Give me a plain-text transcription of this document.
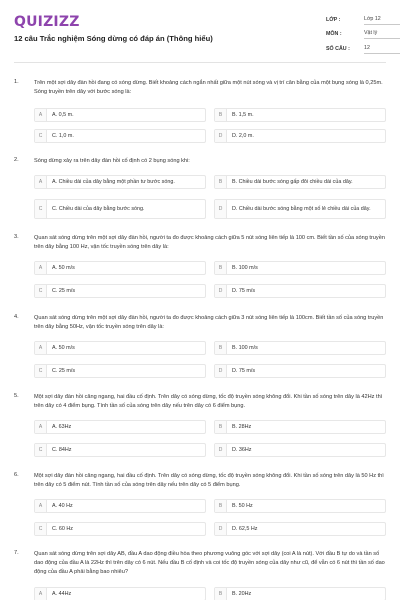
QUIZIZZ
12 câu Trắc nghiệm Sóng dừng có đáp án (Thông hiểu)
LỚP :	Lớp 12
MÔN :	Vật lý
SỐ CÂU :	12
1.	Trên một sợi dây đàn hồi đang có sóng dừng. Biết khoảng cách ngắn nhất giữa một nút sóng và vị trí cân bằng của một bụng sóng là 0,25m. Sóng truyền trên dây với bước sóng là:
A	A. 0,5 m.	B	B. 1,5 m.
C	C. 1,0 m.	D	D. 2,0 m.
2.	Sóng dừng xảy ra trên dây đàn hồi cố định có 2 bụng sóng khi:
A	A. Chiều dài của dây bằng một phần tư bước sóng.	B	B. Chiều dài bước sóng gấp đôi chiều dài của dây.
C	C. Chiều dài của dây bằng bước sóng.	D	D. Chiều dài bước sóng bằng một số lẻ chiều dài của dây.
3.	Quan sát sóng dừng trên một sợi dây đàn hồi, người ta đo được khoảng cách giữa 5 nút sóng liên tiếp là 100 cm. Biết tần số của sóng truyền trên dây bằng 100 Hz, vận tốc truyền sóng trên dây là:
A	A. 50 m/s	B	B. 100 m/s
C	C. 25 m/s	D	D. 75 m/s
4.	Quan sát sóng dừng trên một sợi dây đàn hồi, người ta đo được khoảng cách giữa 3 nút sóng liên tiếp là 100cm. Biết tần số của sóng truyền trên dây bằng 50Hz, vận tốc truyền sóng trên dây là:
A	A. 50 m/s	B	B. 100 m/s
C	C. 25 m/s	D	D. 75 m/s
5.	Một sợi dây đàn hồi căng ngang, hai đầu cố định. Trên dây có sóng dừng, tốc độ truyền sóng không đổi. Khi tần số sóng trên dây là 42Hz thì trên dây có 4 điểm bụng. Tính tần số của sóng trên dây nếu trên dây có 6 điểm bụng.
A	A. 63Hz	B	B. 28Hz
C	C. 84Hz	D	D. 36Hz
6.	Một sợi dây đàn hồi căng ngang, hai đầu cố định. Trên dây có sóng dừng, tốc độ truyền sóng không đổi. Khi tần số sóng trên dây là 50 Hz thì trên dây có 5 điểm nút. Tính tần số của sóng trên dây nếu trên dây có 5 điểm bụng.
A	A. 40 Hz	B	B. 50 Hz
C	C. 60 Hz	D	D. 62,5 Hz
7.	Quan sát sóng dừng trên sợi dây AB, đầu A dao động điều hòa theo phương vuông góc với sợi dây (coi A là nút). Với đầu B tự do và tần số dao động của đầu A là 22Hz thì trên dây có 6 nút. Nếu đầu B cố định và coi tốc độ truyền sóng của dây như cũ, để vẫn có 6 nút thì tần số dao động của đầu A phải bằng bao nhiêu?
A	A. 44Hz	B	B. 20Hz
